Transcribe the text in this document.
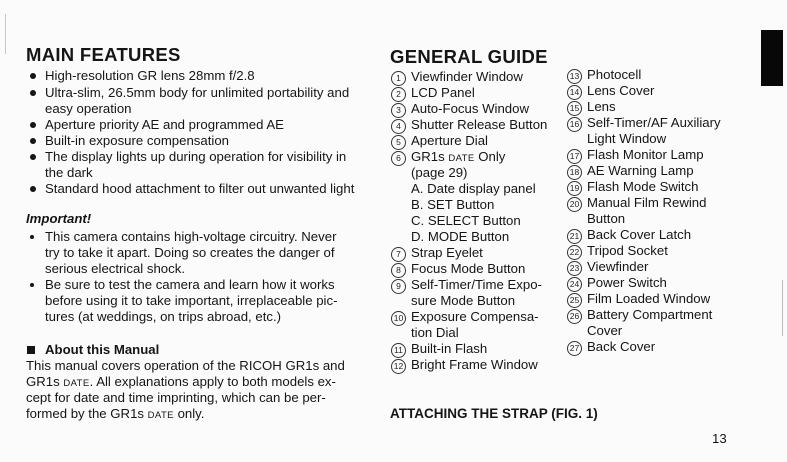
MAIN FEATURES
High-resolution GR lens 28mm f/2.8
Ultra-slim, 26.5mm body for unlimited portability and
easy operation
Aperture priority AE and programmed AE
Built-in exposure compensation
The display lights up during operation for visibility in
the dark
Standard hood attachment to filter out unwanted light
Important!
This camera contains high-voltage circuitry. Never
try to take it apart. Doing so creates the danger of
serious electrical shock.
Be sure to test the camera and learn how it works
before using it to take important, irreplaceable pic-
tures (at weddings, on trips abroad, etc.)
About this Manual
This manual covers operation of the RICOH GR1s and
GR1s DATE. All explanations apply to both models ex-
cept for date and time imprinting, which can be per-
formed by the GR1s DATE only.
GENERAL GUIDE
1 Viewfinder Window
2 LCD Panel
3 Auto-Focus Window
4 Shutter Release Button
5 Aperture Dial
6 GR1s DATE Only
(page 29)
A. Date display panel
B. SET Button
C. SELECT Button
D. MODE Button
7 Strap Eyelet
8 Focus Mode Button
9 Self-Timer/Time Expo-
sure Mode Button
10 Exposure Compensa-
tion Dial
11 Built-in Flash
12 Bright Frame Window
13 Photocell
14 Lens Cover
15 Lens
16 Self-Timer/AF Auxiliary
Light Window
17 Flash Monitor Lamp
18 AE Warning Lamp
19 Flash Mode Switch
20 Manual Film Rewind
Button
21 Back Cover Latch
22 Tripod Socket
23 Viewfinder
24 Power Switch
25 Film Loaded Window
26 Battery Compartment
Cover
27 Back Cover
ATTACHING THE STRAP (FIG. 1)
13
